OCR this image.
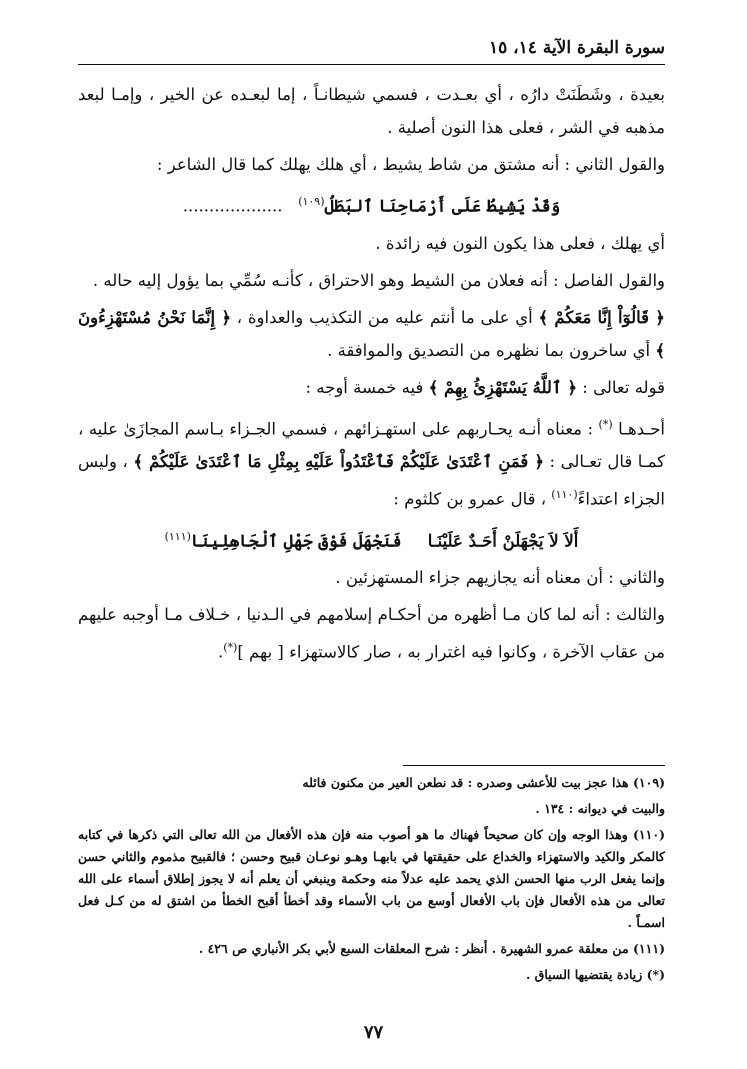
سورة البقرة الآية ١٤، ١٥

بعيدة ، وشَطَنَتْ دارُه ، أي بعـدت ، فسمي شيطانـاً ، إما لبعـده عن الخير ، وإمـا لبعد مذهبه في الشر ، فعلى هذا النون أصلية .

والقول الثاني : أنه مشتق من شاط يشيط ، أي هلك يهلك كما قال الشاعر :

وَقَدْ يَشِيطُ عَلَى أَرْمَاحِنَا ٱلبَطَلُ$^{(١٠٩)}$   ...................

أي يهلك ، فعلى هذا يكون النون فيه زائدة .

والقول الفاصل : أنه فعلان من الشيط وهو الاحتراق ، كأنـه سُمِّي بما يؤول إليه حاله .

﴿ قَالُوٓاْ إِنَّا مَعَكُمْ ﴾ أي على ما أنتم عليه من التكذيب والعداوة ، ﴿ إِنَّمَا نَحْنُ مُسْتَهْزِءُونَ ﴾ أي ساخرون بما نظهره من التصديق والموافقة .

قوله تعالى : ﴿ ٱللَّهُ يَسْتَهْزِئُ بِهِمْ ﴾ فيه خمسة أوجه :

أحـدهـا (*) : معناه أنـه يحـاربهم على استهـزائهم ، فسمي الجـزاء بـاسم المجازَىٰ عليه ، كمـا قال تعـالى : ﴿ فَمَنِ ٱعْتَدَىٰ عَلَيْكُمْ فَٱعْتَدُواْ عَلَيْهِ بِمِثْلِ مَا ٱعْتَدَىٰ عَلَيْكُمْ ﴾ ، وليس الجزاء اعتداءً$^{(١١٠)}$ ، قال عمرو بن كلثوم :

أَلاَ لاَ يَجْهَلَنْ أَحَـدٌ عَلَيْنَـا     فَنَجْهَلَ فَوْقَ جَهْلِ ٱلْجَاهِلِينَا$^{(١١١)}$

والثاني : أن معناه أنه يجازيهم جزاء المستهزئين .

والثالث : أنه لما كان مـا أظهره من أحكـام إسلامهم في الـدنيا ، خـلاف مـا أوجبه عليهم من عقاب الآخرة ، وكانوا فيه اغترار به ، صار كالاستهزاء [ بهم ](*).

(١٠٩) هذا عجز بيت للأعشى وصدره : قد نطعن العير من مكنون فائله

والبيت في ديوانه : ١٣٤ .

(١١٠) وهذا الوجه وإن كان صحيحاً فهناك ما هو أصوب منه فإن هذه الأفعال من الله تعالى التي ذكرها في كتابه كالمكر والكيد والاستهزاء والخداع على حقيقتها في بابهـا وهـو نوعـان قبيح وحسن ؛ فالقبيح مذموم والثاني حسن وإنما يفعل الرب منها الحسن الذي يحمد عليه عدلاً منه وحكمة وينبغي أن يعلم أنه لا يجوز إطلاق أسماء على الله تعالى من هذه الأفعال فإن باب الأفعال أوسع من باب الأسماء وقد أخطأ أقبح الخطأ من اشتق له من كـل فعل اسمـاً .

(١١١) من معلقة عمرو الشهيرة . أنظر : شرح المعلقات السبع لأبي بكر الأنباري ص ٤٢٦ .

(*) زيادة يقتضيها السياق .

٧٧
